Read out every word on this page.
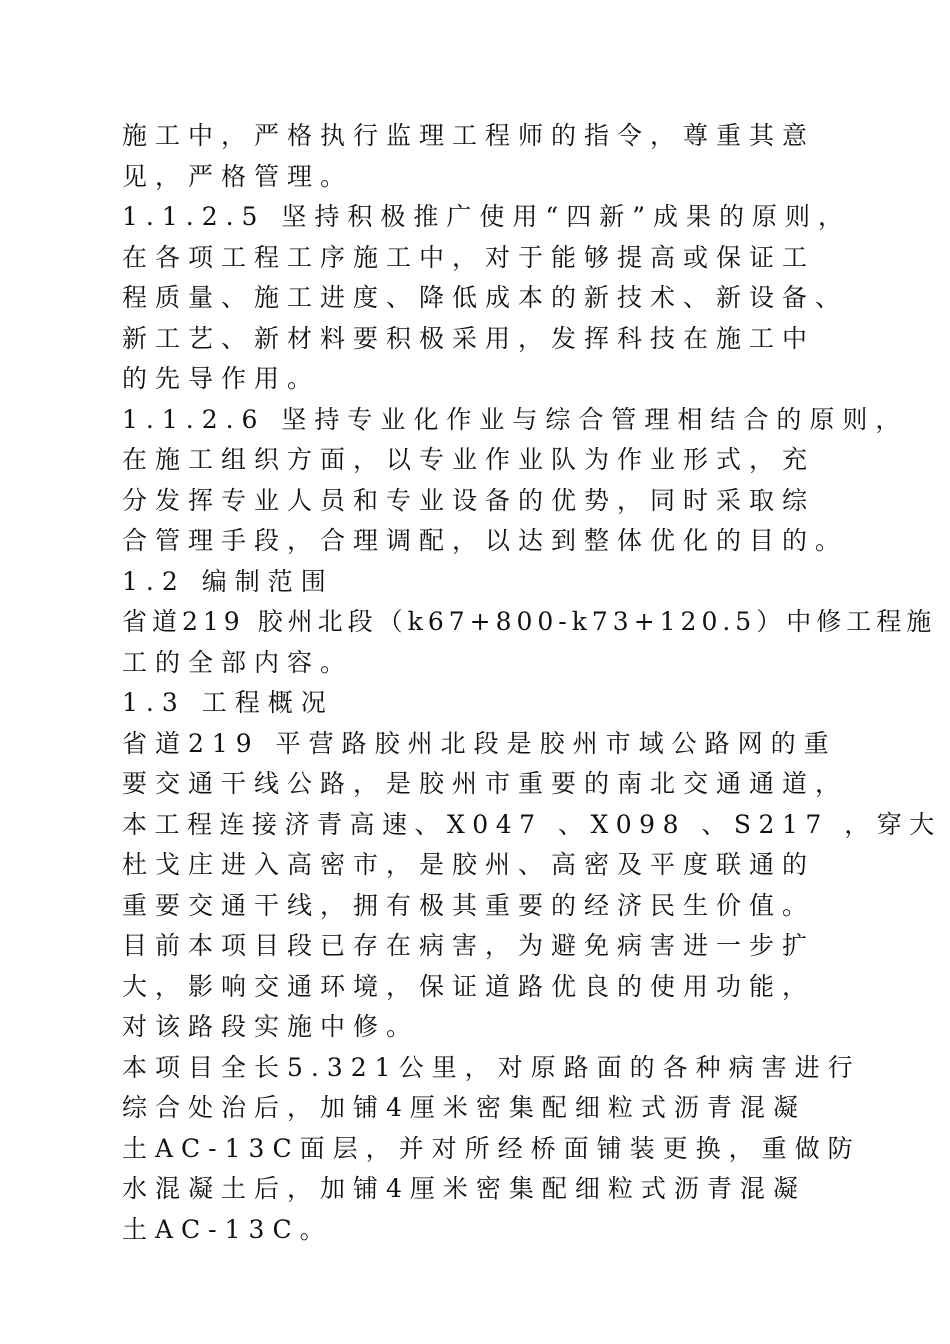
施工中，严格执行监理工程师的指令，尊重其意
见，严格管理。
1.1.2.5 坚持积极推广使用“四新”成果的原则，
在各项工程工序施工中，对于能够提高或保证工
程质量、施工进度、降低成本的新技术、新设备、
新工艺、新材料要积极采用，发挥科技在施工中
的先导作用。
1.1.2.6 坚持专业化作业与综合管理相结合的原则，
在施工组织方面，以专业作业队为作业形式，充
分发挥专业人员和专业设备的优势，同时采取综
合管理手段，合理调配，以达到整体优化的目的。
1.2 编制范围
省道219 胶州北段（k67+800-k73+120.5）中修工程施
工的全部内容。
1.3 工程概况
省道219 平营路胶州北段是胶州市域公路网的重
要交通干线公路，是胶州市重要的南北交通通道，
本工程连接济青高速、X047 、X098 、S217 ，穿大
杜戈庄进入高密市，是胶州、高密及平度联通的
重要交通干线，拥有极其重要的经济民生价值。
目前本项目段已存在病害，为避免病害进一步扩
大，影响交通环境，保证道路优良的使用功能，
对该路段实施中修。
本项目全长5.321公里，对原路面的各种病害进行
综合处治后，加铺4厘米密集配细粒式沥青混凝
土AC-13C面层，并对所经桥面铺装更换，重做防
水混凝土后，加铺4厘米密集配细粒式沥青混凝
土AC-13C。
